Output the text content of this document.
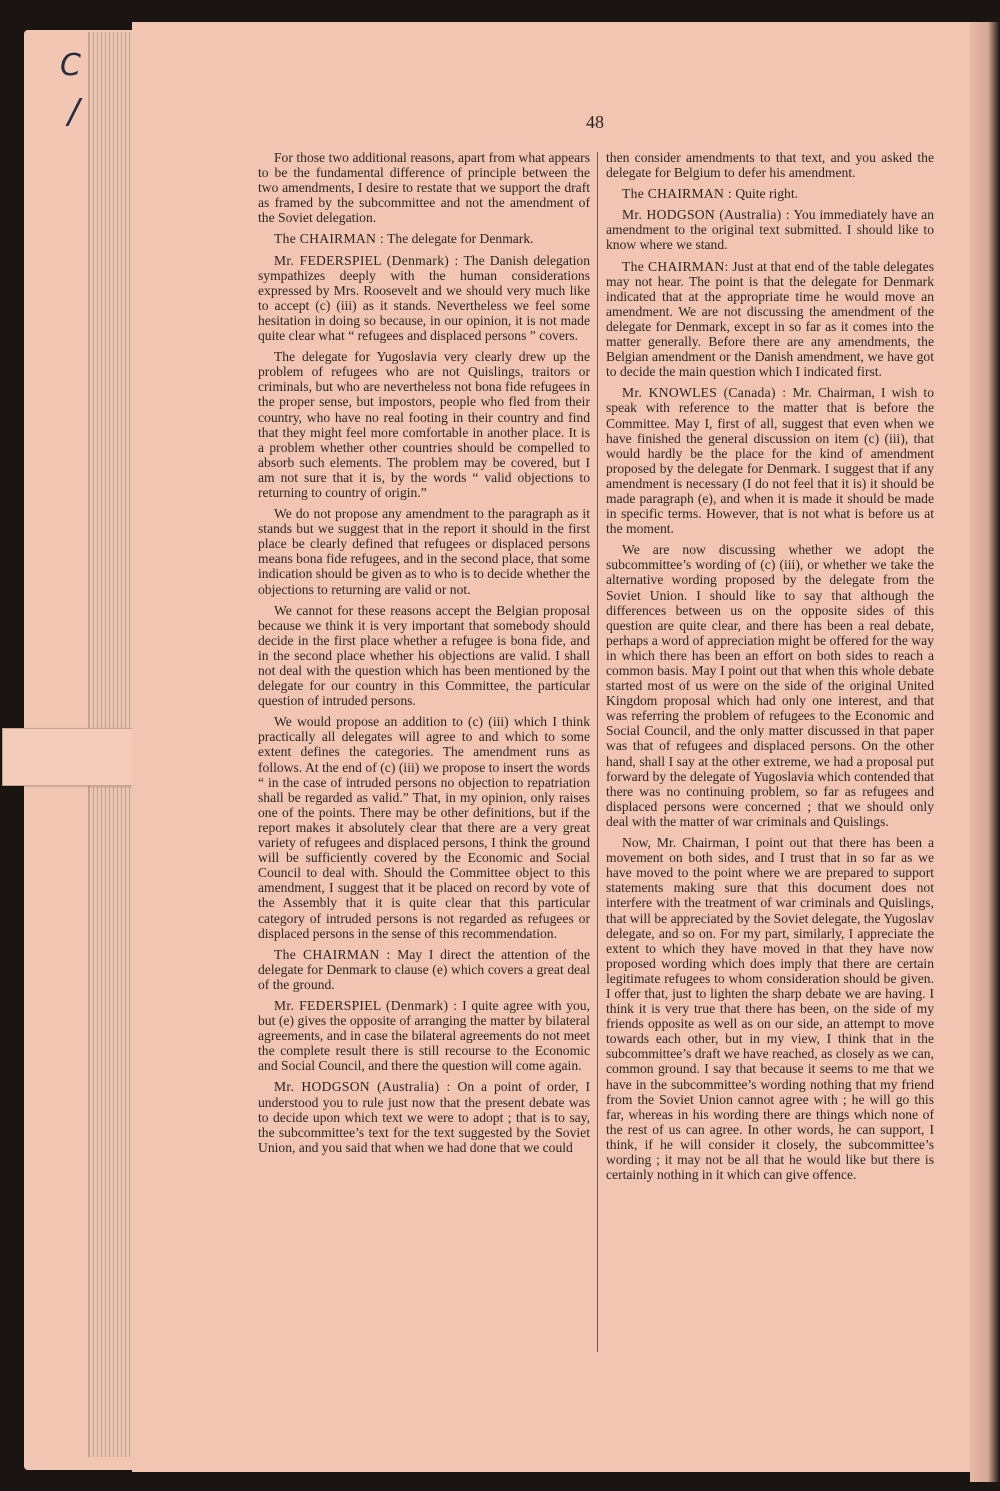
C
/	48

For those two additional reasons, apart from what appears to be the fundamental difference of principle between the two amendments, I desire to restate that we support the draft as framed by the subcommittee and not the amendment of the Soviet delegation.

The CHAIRMAN : The delegate for Denmark.

Mr. FEDERSPIEL (Denmark) : The Danish delegation sympathizes deeply with the human considerations expressed by Mrs. Roosevelt and we should very much like to accept (c) (iii) as it stands. Nevertheless we feel some hesitation in doing so because, in our opinion, it is not made quite clear what “ refugees and displaced persons ” covers.

The delegate for Yugoslavia very clearly drew up the problem of refugees who are not Quislings, traitors or criminals, but who are nevertheless not bona fide refugees in the proper sense, but impostors, people who fled from their country, who have no real footing in their country and find that they might feel more comfortable in another place. It is a problem whether other countries should be compelled to absorb such elements. The problem may be covered, but I am not sure that it is, by the words “ valid objections to returning to country of origin.”

We do not propose any amendment to the paragraph as it stands but we suggest that in the report it should in the first place be clearly defined that refugees or displaced persons means bona fide refugees, and in the second place, that some indication should be given as to who is to decide whether the objections to returning are valid or not.

We cannot for these reasons accept the Belgian proposal because we think it is very important that somebody should decide in the first place whether a refugee is bona fide, and in the second place whether his objections are valid. I shall not deal with the question which has been mentioned by the delegate for our country in this Committee, the particular question of intruded persons.

We would propose an addition to (c) (iii) which I think practically all delegates will agree to and which to some extent defines the categories. The amendment runs as follows. At the end of (c) (iii) we propose to insert the words “ in the case of intruded persons no objection to repatriation shall be regarded as valid.” That, in my opinion, only raises one of the points. There may be other definitions, but if the report makes it absolutely clear that there are a very great variety of refugees and displaced persons, I think the ground will be sufficiently covered by the Economic and Social Council to deal with. Should the Committee object to this amendment, I suggest that it be placed on record by vote of the Assembly that it is quite clear that this particular category of intruded persons is not regarded as refugees or displaced persons in the sense of this recommendation.

The CHAIRMAN : May I direct the attention of the delegate for Denmark to clause (e) which covers a great deal of the ground.

Mr. FEDERSPIEL (Denmark) : I quite agree with you, but (e) gives the opposite of arranging the matter by bilateral agreements, and in case the bilateral agreements do not meet the complete result there is still recourse to the Economic and Social Council, and there the question will come again.

Mr. HODGSON (Australia) : On a point of order, I understood you to rule just now that the present debate was to decide upon which text we were to adopt ; that is to say, the subcommittee’s text for the text suggested by the Soviet Union, and you said that when we had done that we could

then consider amendments to that text, and you asked the delegate for Belgium to defer his amendment.

The CHAIRMAN : Quite right.

Mr. HODGSON (Australia) : You immediately have an amendment to the original text submitted. I should like to know where we stand.

The CHAIRMAN: Just at that end of the table delegates may not hear. The point is that the delegate for Denmark indicated that at the appropriate time he would move an amendment. We are not discussing the amendment of the delegate for Denmark, except in so far as it comes into the matter generally. Before there are any amendments, the Belgian amendment or the Danish amendment, we have got to decide the main question which I indicated first.

Mr. KNOWLES (Canada) : Mr. Chairman, I wish to speak with reference to the matter that is before the Committee. May I, first of all, suggest that even when we have finished the general discussion on item (c) (iii), that would hardly be the place for the kind of amendment proposed by the delegate for Denmark. I suggest that if any amendment is necessary (I do not feel that it is) it should be made paragraph (e), and when it is made it should be made in specific terms. However, that is not what is before us at the moment.

We are now discussing whether we adopt the subcommittee’s wording of (c) (iii), or whether we take the alternative wording proposed by the delegate from the Soviet Union. I should like to say that although the differences between us on the opposite sides of this question are quite clear, and there has been a real debate, perhaps a word of appreciation might be offered for the way in which there has been an effort on both sides to reach a common basis. May I point out that when this whole debate started most of us were on the side of the original United Kingdom proposal which had only one interest, and that was referring the problem of refugees to the Economic and Social Council, and the only matter discussed in that paper was that of refugees and displaced persons. On the other hand, shall I say at the other extreme, we had a proposal put forward by the delegate of Yugoslavia which contended that there was no continuing problem, so far as refugees and displaced persons were concerned ; that we should only deal with the matter of war criminals and Quislings.

Now, Mr. Chairman, I point out that there has been a movement on both sides, and I trust that in so far as we have moved to the point where we are prepared to support statements making sure that this document does not interfere with the treatment of war criminals and Quislings, that will be appreciated by the Soviet delegate, the Yugoslav delegate, and so on. For my part, similarly, I appreciate the extent to which they have moved in that they have now proposed wording which does imply that there are certain legitimate refugees to whom consideration should be given. I offer that, just to lighten the sharp debate we are having. I think it is very true that there has been, on the side of my friends opposite as well as on our side, an attempt to move towards each other, but in my view, I think that in the subcommittee’s draft we have reached, as closely as we can, common ground. I say that because it seems to me that we have in the subcommittee’s wording nothing that my friend from the Soviet Union cannot agree with ; he will go this far, whereas in his wording there are things which none of the rest of us can agree. In other words, he can support, I think, if he will consider it closely, the subcommittee’s wording ; it may not be all that he would like but there is certainly nothing in it which can give offence.
